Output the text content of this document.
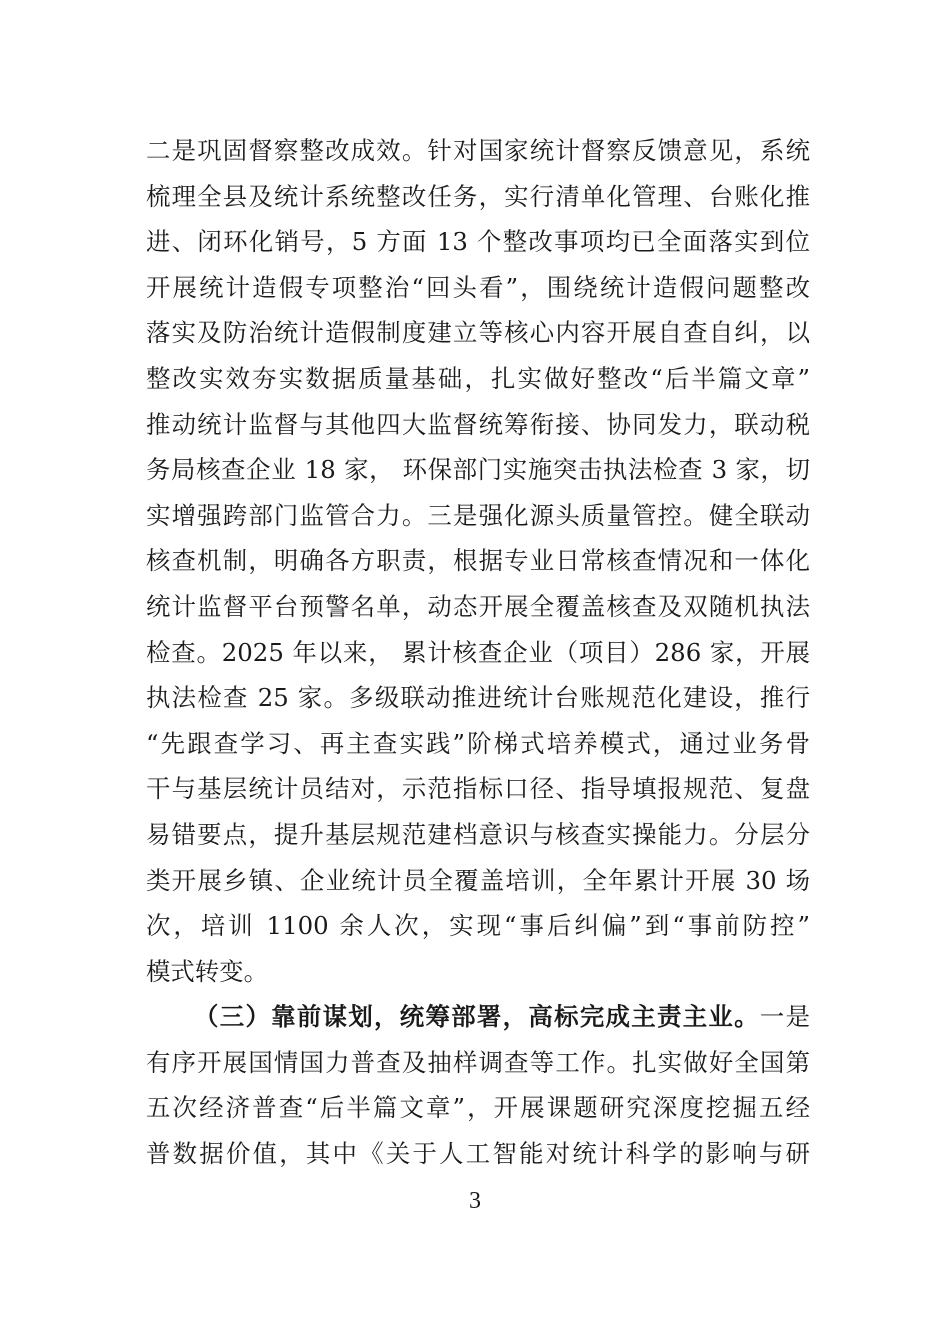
二是巩固督察整改成效。针对国家统计督察反馈意见，系统
梳理全县及统计系统整改任务，实行清单化管理、台账化推
进、闭环化销号，5 方面 13 个整改事项均已全面落实到位
开展统计造假专项整治“回头看”，围绕统计造假问题整改
落实及防治统计造假制度建立等核心内容开展自查自纠，以
整改实效夯实数据质量基础，扎实做好整改“后半篇文章”
推动统计监督与其他四大监督统筹衔接、协同发力，联动税
务局核查企业 18 家， 环保部门实施突击执法检查 3 家，切
实增强跨部门监管合力。三是强化源头质量管控。健全联动
核查机制，明确各方职责，根据专业日常核查情况和一体化
统计监督平台预警名单，动态开展全覆盖核查及双随机执法
检查。2025 年以来， 累计核查企业（项目）286 家，开展
执法检查 25 家。多级联动推进统计台账规范化建设，推行
“先跟查学习、再主查实践”阶梯式培养模式，通过业务骨
干与基层统计员结对，示范指标口径、指导填报规范、复盘
易错要点，提升基层规范建档意识与核查实操能力。分层分
类开展乡镇、企业统计员全覆盖培训，全年累计开展 30 场
次，培训 1100 余人次，实现“事后纠偏”到“事前防控”
模式转变。
（三）靠前谋划，统筹部署，高标完成主责主业。一是
有序开展国情国力普查及抽样调查等工作。扎实做好全国第
五次经济普查“后半篇文章”，开展课题研究深度挖掘五经
普数据价值，其中《关于人工智能对统计科学的影响与研
3
